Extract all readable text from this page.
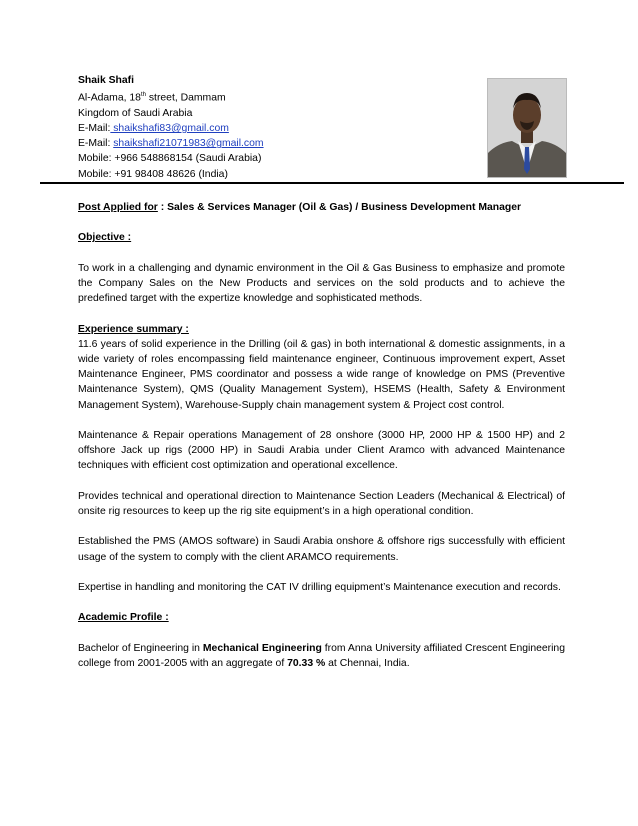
Shaik Shafi
Al-Adama, 18th street, Dammam
Kingdom of Saudi Arabia
E-Mail: shaikshafi83@gmail.com
E-Mail: shaikshafi21071983@gmail.com
Mobile: +966 548868154 (Saudi Arabia)
Mobile: +91 98408 48626 (India)

Post Applied for : Sales & Services Manager (Oil & Gas) / Business Development Manager

Objective :

To work in a challenging and dynamic environment in the Oil & Gas Business to emphasize and promote the Company Sales on the New Products and services on the sold products and to achieve the predefined target with the expertize knowledge and sophisticated methods.

Experience summary :

11.6 years of solid experience in the Drilling (oil & gas) in both international & domestic assignments, in a wide variety of roles encompassing field maintenance engineer, Continuous improvement expert, Asset Maintenance Engineer, PMS coordinator and possess a wide range of knowledge on PMS (Preventive Maintenance System), QMS (Quality Management System), HSEMS (Health, Safety & Environment Management System), Warehouse-Supply chain management system & Project cost control.

Maintenance & Repair operations Management of 28 onshore (3000 HP, 2000 HP & 1500 HP) and 2 offshore Jack up rigs (2000 HP) in Saudi Arabia under Client Aramco with advanced Maintenance techniques with efficient cost optimization and operational excellence.

Provides technical and operational direction to Maintenance Section Leaders (Mechanical & Electrical) of onsite rig resources to keep up the rig site equipment’s in a high operational condition.

Established the PMS (AMOS software) in Saudi Arabia onshore & offshore rigs successfully with efficient usage of the system to comply with the client ARAMCO requirements.

Expertise in handling and monitoring the CAT IV drilling equipment’s Maintenance execution and records.

Academic Profile :

Bachelor of Engineering in Mechanical Engineering from Anna University affiliated Crescent Engineering college from 2001-2005 with an aggregate of 70.33 % at Chennai, India.
